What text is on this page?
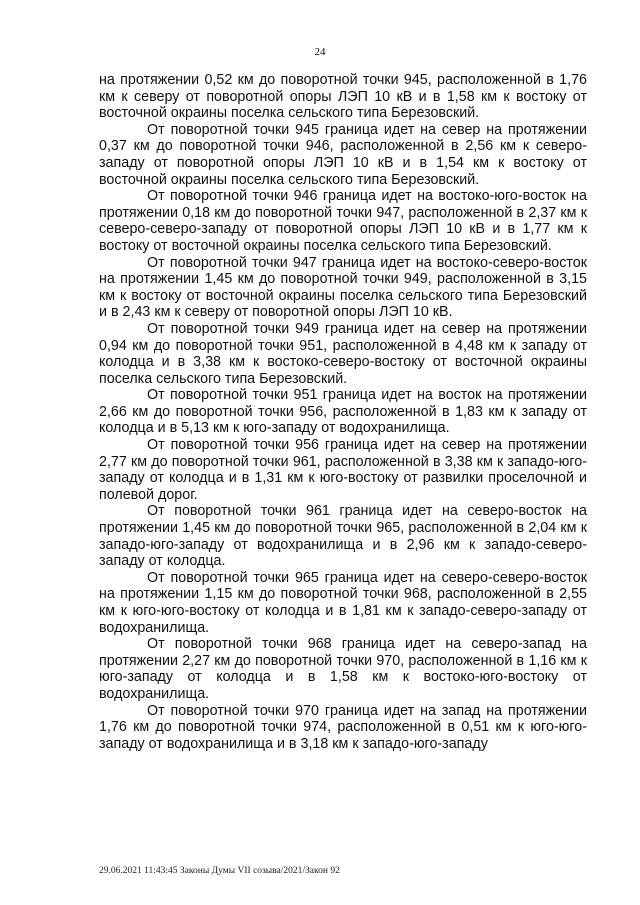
24

на протяжении 0,52 км до поворотной точки 945, расположенной в 1,76 км к северу от поворотной опоры ЛЭП 10 кВ и в 1,58 км к востоку от восточной окраины поселка сельского типа Березовский.

От поворотной точки 945 граница идет на север на протяжении 0,37 км до поворотной точки 946, расположенной в 2,56 км к северо-западу от поворотной опоры ЛЭП 10 кВ и в 1,54 км к востоку от восточной окраины поселка сельского типа Березовский.

От поворотной точки 946 граница идет на востоко-юго-восток на протяжении 0,18 км до поворотной точки 947, расположенной в 2,37 км к северо-северо-западу от поворотной опоры ЛЭП 10 кВ и в 1,77 км к востоку от восточной окраины поселка сельского типа Березовский.

От поворотной точки 947 граница идет на востоко-северо-восток на протяжении 1,45 км до поворотной точки 949, расположенной в 3,15 км к востоку от восточной окраины поселка сельского типа Березовский и в 2,43 км к северу от поворотной опоры ЛЭП 10 кВ.

От поворотной точки 949 граница идет на север на протяжении 0,94 км до поворотной точки 951, расположенной в 4,48 км к западу от колодца и в 3,38 км к востоко-северо-востоку от восточной окраины поселка сельского типа Березовский.

От поворотной точки 951 граница идет на восток на протяжении 2,66 км до поворотной точки 956, расположенной в 1,83 км к западу от колодца и в 5,13 км к юго-западу от водохранилища.

От поворотной точки 956 граница идет на север на протяжении 2,77 км до поворотной точки 961, расположенной в 3,38 км к западо-юго-западу от колодца и в 1,31 км к юго-востоку от развилки проселочной и полевой дорог.

От поворотной точки 961 граница идет на северо-восток на протяжении 1,45 км до поворотной точки 965, расположенной в 2,04 км к западо-юго-западу от водохранилища и в 2,96 км к западо-северо-западу от колодца.

От поворотной точки 965 граница идет на северо-северо-восток на протяжении 1,15 км до поворотной точки 968, расположенной в 2,55 км к юго-юго-востоку от колодца и в 1,81 км к западо-северо-западу от водохранилища.

От поворотной точки 968 граница идет на северо-запад на протяжении 2,27 км до поворотной точки 970, расположенной в 1,16 км к юго-западу от колодца и в 1,58 км к востоко-юго-востоку от водохранилища.

От поворотной точки 970 граница идет на запад на протяжении 1,76 км до поворотной точки 974, расположенной в 0,51 км к юго-юго-западу от водохранилища и в 3,18 км к западо-юго-западу

29.06.2021 11:43:45 Законы Думы VII созыва/2021/Закон 92
